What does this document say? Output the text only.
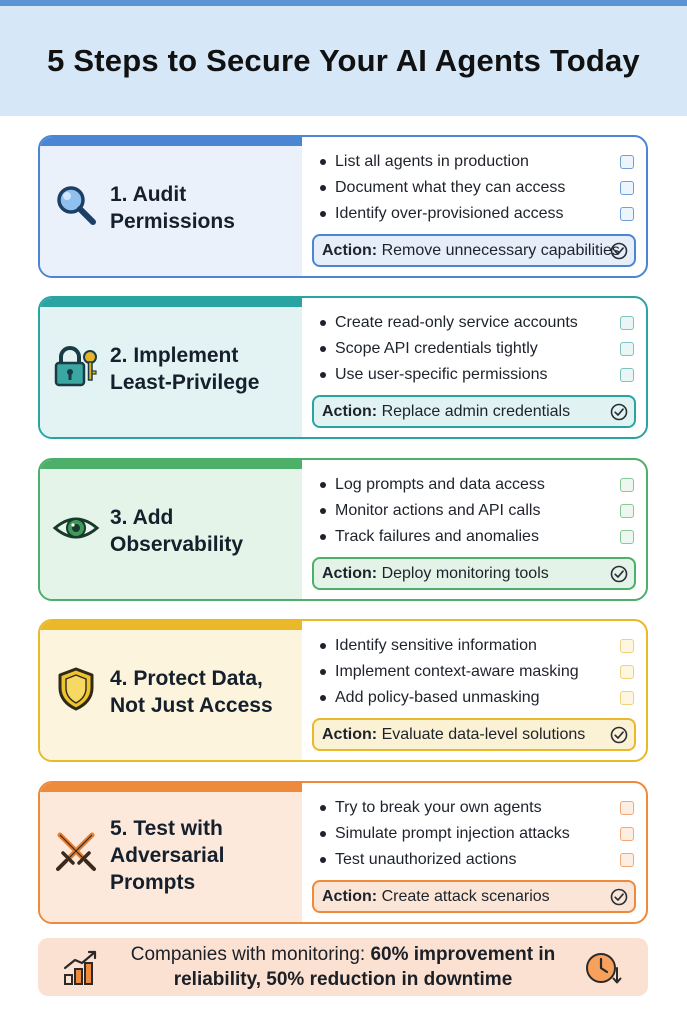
5 Steps to Secure Your AI Agents Today
1. Audit Permissions
List all agents in production
Document what they can access
Identify over-provisioned access
Action: Remove unnecessary capabilities
2. Implement Least-Privilege
Create read-only service accounts
Scope API credentials tightly
Use user-specific permissions
Action: Replace admin credentials
3. Add Observability
Log prompts and data access
Monitor actions and API calls
Track failures and anomalies
Action: Deploy monitoring tools
4. Protect Data, Not Just Access
Identify sensitive information
Implement context-aware masking
Add policy-based unmasking
Action: Evaluate data-level solutions
5. Test with Adversarial Prompts
Try to break your own agents
Simulate prompt injection attacks
Test unauthorized actions
Action: Create attack scenarios
Companies with monitoring: 60% improvement in reliability, 50% reduction in downtime
